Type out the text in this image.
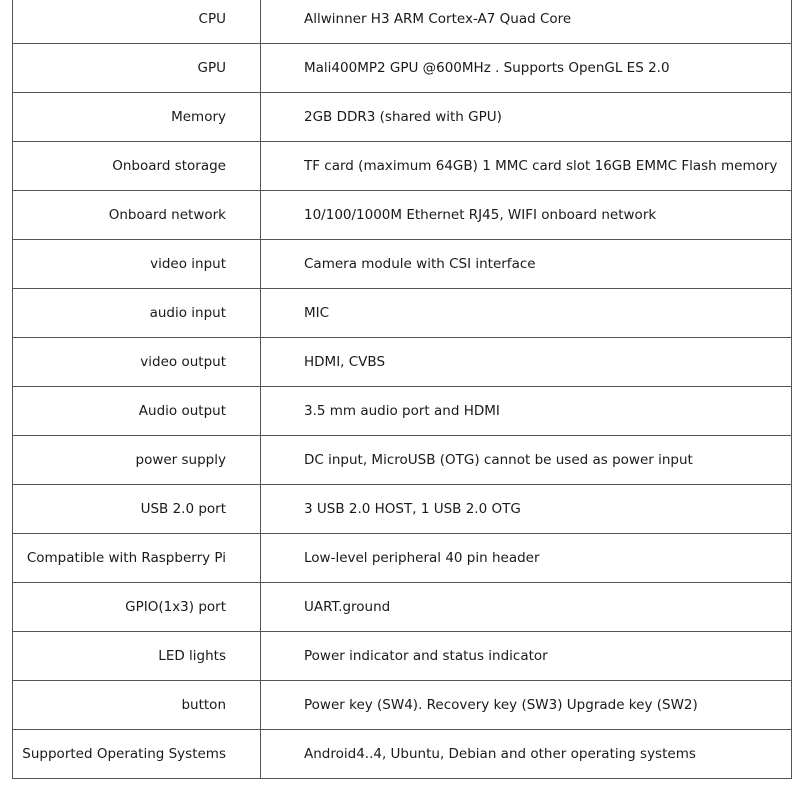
CPU	Allwinner H3 ARM Cortex-A7 Quad Core
GPU	Mali400MP2 GPU @600MHz . Supports OpenGL ES 2.0
Memory	2GB DDR3 (shared with GPU)
Onboard storage	TF card (maximum 64GB) 1 MMC card slot 16GB EMMC Flash memory
Onboard network	10/100/1000M Ethernet RJ45, WIFI onboard network
video input	Camera module with CSI interface
audio input	MIC
video output	HDMI, CVBS
Audio output	3.5 mm audio port and HDMI
power supply	DC input, MicroUSB (OTG) cannot be used as power input
USB 2.0 port	3 USB 2.0 HOST, 1 USB 2.0 OTG
Compatible with Raspberry Pi	Low-level peripheral 40 pin header
GPIO(1x3) port	UART.ground
LED lights	Power indicator and status indicator
button	Power key (SW4). Recovery key (SW3) Upgrade key (SW2)
Supported Operating Systems	Android4..4, Ubuntu, Debian and other operating systems
